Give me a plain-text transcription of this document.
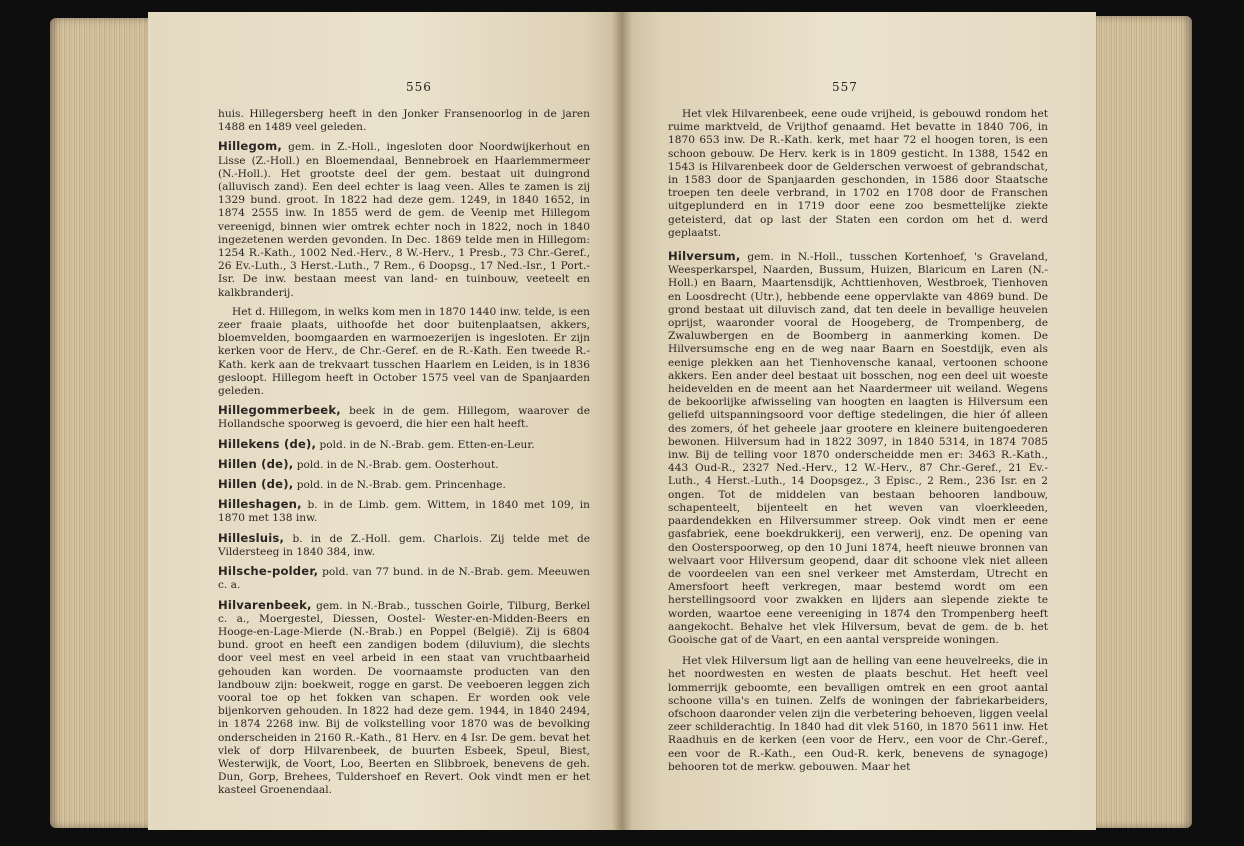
556

huis. Hillegersberg heeft in den Jonker Fransenoorlog in de jaren 1488 en 1489 veel geleden.

Hillegom, gem. in Z.-Holl., ingesloten door Noordwijkerhout en Lisse (Z.-Holl.) en Bloemendaal, Bennebroek en Haarlemmermeer (N.-Holl.). Het grootste deel der gem. bestaat uit duingrond (alluvisch zand). Een deel echter is laag veen. Alles te zamen is zij 1329 bund. groot. In 1822 had deze gem. 1249, in 1840 1652, in 1874 2555 inw. In 1855 werd de gem. de Veenip met Hillegom vereenigd, binnen wier omtrek echter noch in 1822, noch in 1840 ingezetenen werden gevonden. In Dec. 1869 telde men in Hillegom: 1254 R.-Kath., 1002 Ned.-Herv., 8 W.-Herv., 1 Presb., 73 Chr.-Geref., 26 Ev.-Luth., 3 Herst.-Luth., 7 Rem., 6 Doopsg., 17 Ned.-Isr., 1 Port.-Isr. De inw. bestaan meest van land- en tuinbouw, veeteelt en kalkbranderij.

Het d. Hillegom, in welks kom men in 1870 1440 inw. telde, is een zeer fraaie plaats, uithoofde het door buitenplaatsen, akkers, bloemvelden, boomgaarden en warmoezerijen is ingesloten. Er zijn kerken voor de Herv., de Chr.-Geref. en de R.-Kath. Een tweede R.-Kath. kerk aan de trekvaart tusschen Haarlem en Leiden, is in 1836 gesloopt. Hillegom heeft in October 1575 veel van de Spanjaarden geleden.

Hillegommerbeek, beek in de gem. Hillegom, waarover de Hollandsche spoorweg is gevoerd, die hier een halt heeft.

Hillekens (de), pold. in de N.-Brab. gem. Etten-en-Leur.

Hillen (de), pold. in de N.-Brab. gem. Oosterhout.

Hillen (de), pold. in de N.-Brab. gem. Princenhage.

Hilleshagen, b. in de Limb. gem. Wittem, in 1840 met 109, in 1870 met 138 inw.

Hillesluis, b. in de Z.-Holl. gem. Charlois. Zij telde met de Vildersteeg in 1840 384, inw.

Hilsche-polder, pold. van 77 bund. in de N.-Brab. gem. Meeuwen c. a.

Hilvarenbeek, gem. in N.-Brab., tusschen Goirle, Tilburg, Berkel c. a., Moergestel, Diessen, Oostel- Wester-en-Midden-Beers en Hooge-en-Lage-Mierde (N.-Brab.) en Poppel (België). Zij is 6804 bund. groot en heeft een zandigen bodem (diluvium), die slechts door veel mest en veel arbeid in een staat van vruchtbaarheid gehouden kan worden. De voornaamste producten van den landbouw zijn: boekweit, rogge en garst. De veeboeren leggen zich vooral toe op het fokken van schapen. Er worden ook vele bijenkorven gehouden. In 1822 had deze gem. 1944, in 1840 2494, in 1874 2268 inw. Bij de volkstelling voor 1870 was de bevolking onderscheiden in 2160 R.-Kath., 81 Herv. en 4 Isr. De gem. bevat het vlek of dorp Hilvarenbeek, de buurten Esbeek, Speul, Biest, Westerwijk, de Voort, Loo, Beerten en Slibbroek, benevens de geh. Dun, Gorp, Brehees, Tuldershoef en Revert. Ook vindt men er het kasteel Groenendaal.

557

Het vlek Hilvarenbeek, eene oude vrijheid, is gebouwd rondom het ruime marktveld, de Vrijthof genaamd. Het bevatte in 1840 706, in 1870 653 inw. De R.-Kath. kerk, met haar 72 el hoogen toren, is een schoon gebouw. De Herv. kerk is in 1809 gesticht. In 1388, 1542 en 1543 is Hilvarenbeek door de Gelderschen verwoest of gebrandschat, in 1583 door de Spanjaarden geschonden, in 1586 door Staatsche troepen ten deele verbrand, in 1702 en 1708 door de Franschen uitgeplunderd en in 1719 door eene zoo besmettelijke ziekte geteisterd, dat op last der Staten een cordon om het d. werd geplaatst.

Hilversum, gem. in N.-Holl., tusschen Kortenhoef, 's Graveland, Weesperkarspel, Naarden, Bussum, Huizen, Blaricum en Laren (N.-Holl.) en Baarn, Maartensdijk, Achttienhoven, Westbroek, Tienhoven en Loosdrecht (Utr.), hebbende eene oppervlakte van 4869 bund. De grond bestaat uit diluvisch zand, dat ten deele in bevallige heuvelen oprijst, waaronder vooral de Hoogeberg, de Trompenberg, de Zwaluwbergen en de Boomberg in aanmerking komen. De Hilversumsche eng en de weg naar Baarn en Soestdijk, even als eenige plekken aan het Tienhovensche kanaal, vertoonen schoone akkers. Een ander deel bestaat uit bosschen, nog een deel uit woeste heidevelden en de meent aan het Naardermeer uit weiland. Wegens de bekoorlijke afwisseling van hoogten en laagten is Hilversum een geliefd uitspanningsoord voor deftige stedelingen, die hier óf alleen des zomers, óf het geheele jaar grootere en kleinere buitengoederen bewonen. Hilversum had in 1822 3097, in 1840 5314, in 1874 7085 inw. Bij de telling voor 1870 onderscheidde men er: 3463 R.-Kath., 443 Oud-R., 2327 Ned.-Herv., 12 W.-Herv., 87 Chr.-Geref., 21 Ev.-Luth., 4 Herst.-Luth., 14 Doopsgez., 3 Episc., 2 Rem., 236 Isr. en 2 ongen. Tot de middelen van bestaan behooren landbouw, schapenteelt, bijenteelt en het weven van vloerkleeden, paardendekken en Hilversummer streep. Ook vindt men er eene gasfabriek, eene boekdrukkerij, een verwerij, enz. De opening van den Oosterspoorweg, op den 10 Juni 1874, heeft nieuwe bronnen van welvaart voor Hilversum geopend, daar dit schoone vlek niet alleen de voordeelen van een snel verkeer met Amsterdam, Utrecht en Amersfoort heeft verkregen, maar bestemd wordt om een herstellingsoord voor zwakken en lijders aan slepende ziekte te worden, waartoe eene vereeniging in 1874 den Trompenberg heeft aangekocht. Behalve het vlek Hilversum, bevat de gem. de b. het Gooische gat of de Vaart, en een aantal verspreide woningen.

Het vlek Hilversum ligt aan de helling van eene heuvelreeks, die in het noordwesten en westen de plaats beschut. Het heeft veel lommerrijk geboomte, een bevalligen omtrek en een groot aantal schoone villa's en tuinen. Zelfs de woningen der fabriekarbeiders, ofschoon daaronder velen zijn die verbetering behoeven, liggen veelal zeer schilderachtig. In 1840 had dit vlek 5160, in 1870 5611 inw. Het Raadhuis en de kerken (een voor de Herv., een voor de Chr.-Geref., een voor de R.-Kath., een Oud-R. kerk, benevens de synagoge) behooren tot de merkw. gebouwen. Maar het
